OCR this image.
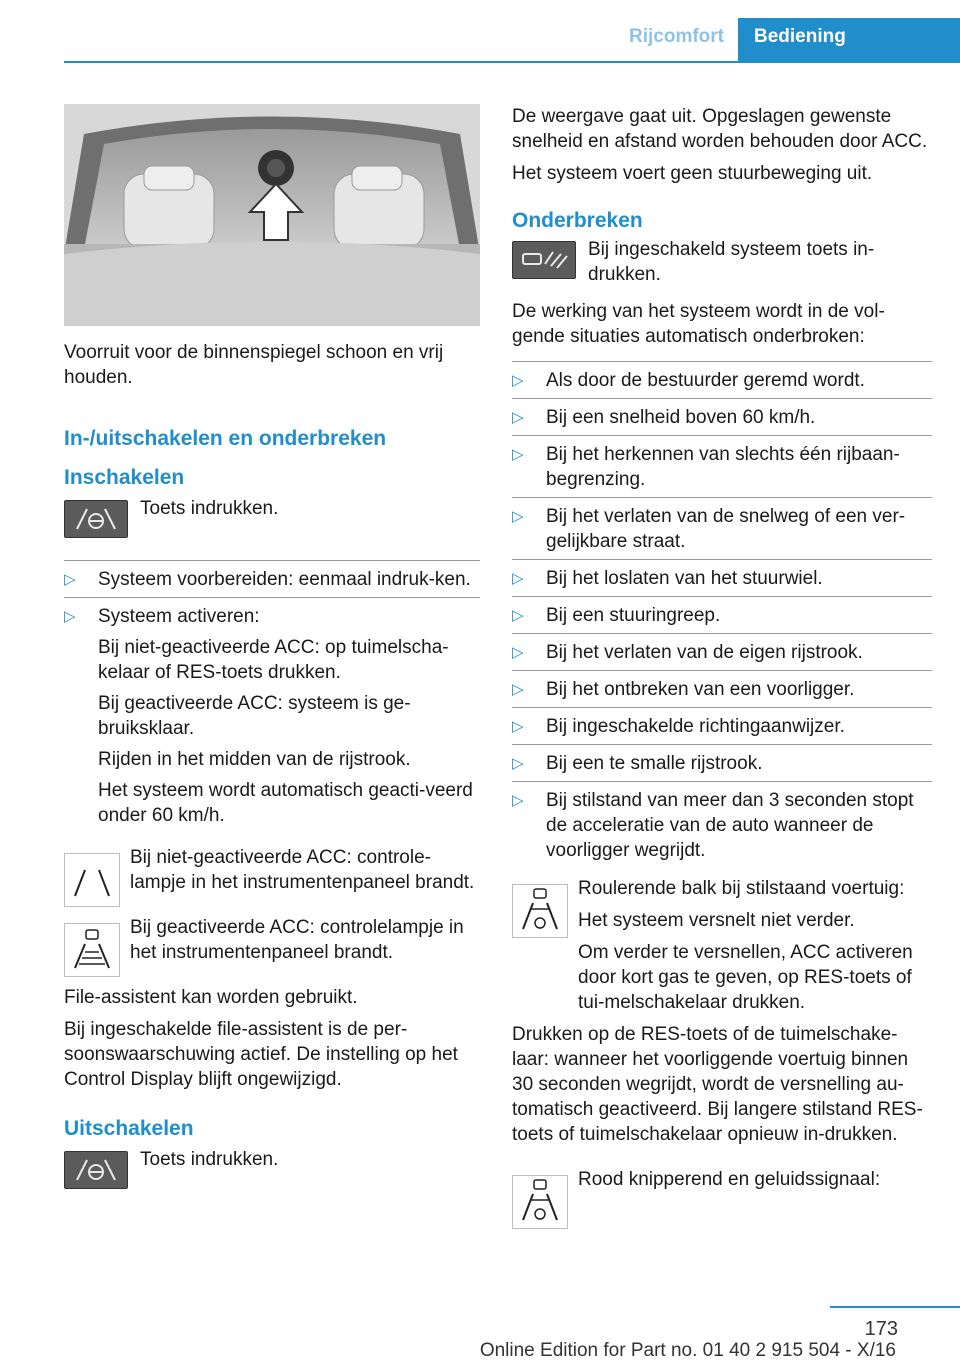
Rijcomfort	Bediening

Voorruit voor de binnenspiegel schoon en vrij houden.

In-/uitschakelen en onderbreken
Inschakelen

Toets indrukken.

▷ Systeem voorbereiden: eenmaal indruk-ken.
▷ Systeem activeren:

Bij niet-geactiveerde ACC: op tuimelscha-kelaar of RES-toets drukken.

Bij geactiveerde ACC: systeem is ge-bruiksklaar.

Rijden in het midden van de rijstrook.

Het systeem wordt automatisch geacti-veerd onder 60 km/h.

Bij niet-geactiveerde ACC: controle-lampje in het instrumentenpaneel brandt.

Bij geactiveerde ACC: controlelampje in het instrumentenpaneel brandt.

File-assistent kan worden gebruikt.

Bij ingeschakelde file-assistent is de per-soonswaarschuwing actief. De instelling op het Control Display blijft ongewijzigd.

Uitschakelen

Toets indrukken.

De weergave gaat uit. Opgeslagen gewenste snelheid en afstand worden behouden door ACC.

Het systeem voert geen stuurbeweging uit.

Onderbreken

Bij ingeschakeld systeem toets in-drukken.

De werking van het systeem wordt in de vol-gende situaties automatisch onderbroken:

▷ Als door de bestuurder geremd wordt.
▷ Bij een snelheid boven 60 km/h.
▷ Bij het herkennen van slechts één rijbaan-begrenzing.
▷ Bij het verlaten van de snelweg of een ver-gelijkbare straat.
▷ Bij het loslaten van het stuurwiel.
▷ Bij een stuuringreep.
▷ Bij het verlaten van de eigen rijstrook.
▷ Bij het ontbreken van een voorligger.
▷ Bij ingeschakelde richtingaanwijzer.
▷ Bij een te smalle rijstrook.
▷ Bij stilstand van meer dan 3 seconden stopt de acceleratie van de auto wanneer de voorligger wegrijdt.

Roulerende balk bij stilstaand voertuig:

Het systeem versnelt niet verder.

Om verder te versnellen, ACC activeren door kort gas te geven, op RES-toets of tui-melschakelaar drukken.

Drukken op de RES-toets of de tuimelschake-laar: wanneer het voorliggende voertuig binnen 30 seconden wegrijdt, wordt de versnelling au-tomatisch geactiveerd. Bij langere stilstand RES-toets of tuimelschakelaar opnieuw in-drukken.

Rood knipperend en geluidssignaal:

173
Online Edition for Part no. 01 40 2 915 504 - X/16
